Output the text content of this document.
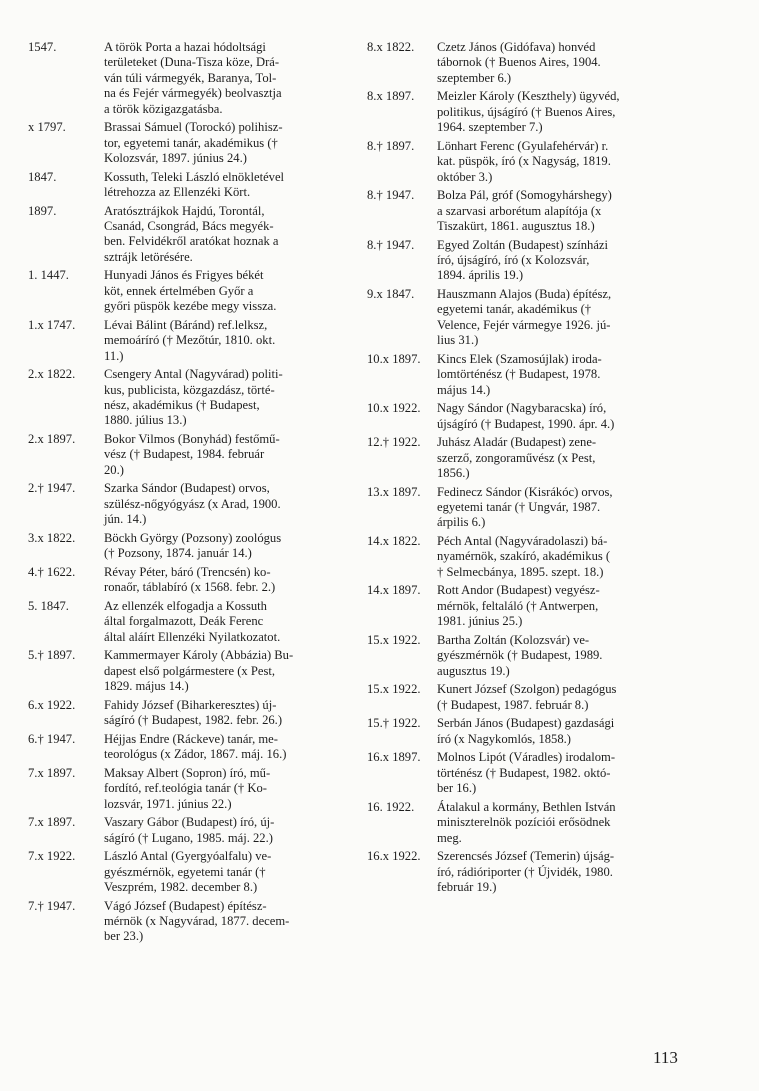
1547.	A török Porta a hazai hódoltsági
területeket (Duna-Tisza köze, Drá-
ván túli vármegyék, Baranya, Tol-
na és Fejér vármegyék) beolvasztja
a török közigazgatásba.
x 1797.	Brassai Sámuel (Torockó) polihisz-
tor, egyetemi tanár, akadémikus (†
Kolozsvár, 1897. június 24.)
1847.	Kossuth, Teleki László elnökletével
létrehozza az Ellenzéki Kört.
1897.	Aratósztrájkok Hajdú, Torontál,
Csanád, Csongrád, Bács megyék-
ben. Felvidékről aratókat hoznak a
sztrájk letörésére.
1. 1447.	Hunyadi János és Frigyes békét
köt, ennek értelmében Győr a
győri püspök kezébe megy vissza.
1.x 1747.	Lévai Bálint (Báránd) ref.lelksz,
memoáríró († Mezőtúr, 1810. okt.
11.)
2.x 1822.	Csengery Antal (Nagyvárad) politi-
kus, publicista, közgazdász, törté-
nész, akadémikus († Budapest,
1880. július 13.)
2.x 1897.	Bokor Vilmos (Bonyhád) festőmű-
vész († Budapest, 1984. február
20.)
2.† 1947.	Szarka Sándor (Budapest) orvos,
szülész-nőgyógyász (x Arad, 1900.
jún. 14.)
3.x 1822.	Böckh György (Pozsony) zoológus
(† Pozsony, 1874. január 14.)
4.† 1622.	Révay Péter, báró (Trencsén) ko-
ronaőr, táblabíró (x 1568. febr. 2.)
5. 1847.	Az ellenzék elfogadja a Kossuth
által forgalmazott, Deák Ferenc
által aláírt Ellenzéki Nyilatkozatot.
5.† 1897.	Kammermayer Károly (Abbázia) Bu-
dapest első polgármestere (x Pest,
1829. május 14.)
6.x 1922.	Fahidy József (Biharkeresztes) új-
ságíró († Budapest, 1982. febr. 26.)
6.† 1947.	Héjjas Endre (Ráckeve) tanár, me-
teorológus (x Zádor, 1867. máj. 16.)
7.x 1897.	Maksay Albert (Sopron) író, mű-
fordító, ref.teológia tanár († Ko-
lozsvár, 1971. június 22.)
7.x 1897.	Vaszary Gábor (Budapest) író, új-
ságíró († Lugano, 1985. máj. 22.)
7.x 1922.	László Antal (Gyergyóalfalu) ve-
gyészmérnök, egyetemi tanár (†
Veszprém, 1982. december 8.)
7.† 1947.	Vágó József (Budapest) építész-
mérnök (x Nagyvárad, 1877. decem-
ber 23.)
8.x 1822.	Czetz János (Gidófava) honvéd
tábornok († Buenos Aires, 1904.
szeptember 6.)
8.x 1897.	Meizler Károly (Keszthely) ügyvéd,
politikus, újságíró († Buenos Aires,
1964. szeptember 7.)
8.† 1897.	Lönhart Ferenc (Gyulafehérvár) r.
kat. püspök, író (x Nagyság, 1819.
október 3.)
8.† 1947.	Bolza Pál, gróf (Somogyhárshegy)
a szarvasi arborétum alapítója (x
Tiszakürt, 1861. augusztus 18.)
8.† 1947.	Egyed Zoltán (Budapest) színházi
író, újságíró, író (x Kolozsvár,
1894. április 19.)
9.x 1847.	Hauszmann Alajos (Buda) építész,
egyetemi tanár, akadémikus (†
Velence, Fejér vármegye 1926. jú-
lius 31.)
10.x 1897.	Kincs Elek (Szamosújlak) iroda-
lomtörténész († Budapest, 1978.
május 14.)
10.x 1922.	Nagy Sándor (Nagybaracska) író,
újságíró († Budapest, 1990. ápr. 4.)
12.† 1922.	Juhász Aladár (Budapest) zene-
szerző, zongoraművész (x Pest,
1856.)
13.x 1897.	Fedinecz Sándor (Kisrákóc) orvos,
egyetemi tanár († Ungvár, 1987.
árpilis 6.)
14.x 1822.	Péch Antal (Nagyváradolaszi) bá-
nyamérnök, szakíró, akadémikus (
† Selmecbánya, 1895. szept. 18.)
14.x 1897.	Rott Andor (Budapest) vegyész-
mérnök, feltaláló († Antwerpen,
1981. június 25.)
15.x 1922.	Bartha Zoltán (Kolozsvár) ve-
gyészmérnök († Budapest, 1989.
augusztus 19.)
15.x 1922.	Kunert József (Szolgon) pedagógus
(† Budapest, 1987. február 8.)
15.† 1922.	Serbán János (Budapest) gazdasági
író (x Nagykomlós, 1858.)
16.x 1897.	Molnos Lipót (Váradles) irodalom-
történész († Budapest, 1982. októ-
ber 16.)
16. 1922.	Átalakul a kormány, Bethlen István
miniszterelnök pozíciói erősödnek
meg.
16.x 1922.	Szerencsés József (Temerin) újság-
író, rádióriporter († Újvidék, 1980.
február 19.)
113
